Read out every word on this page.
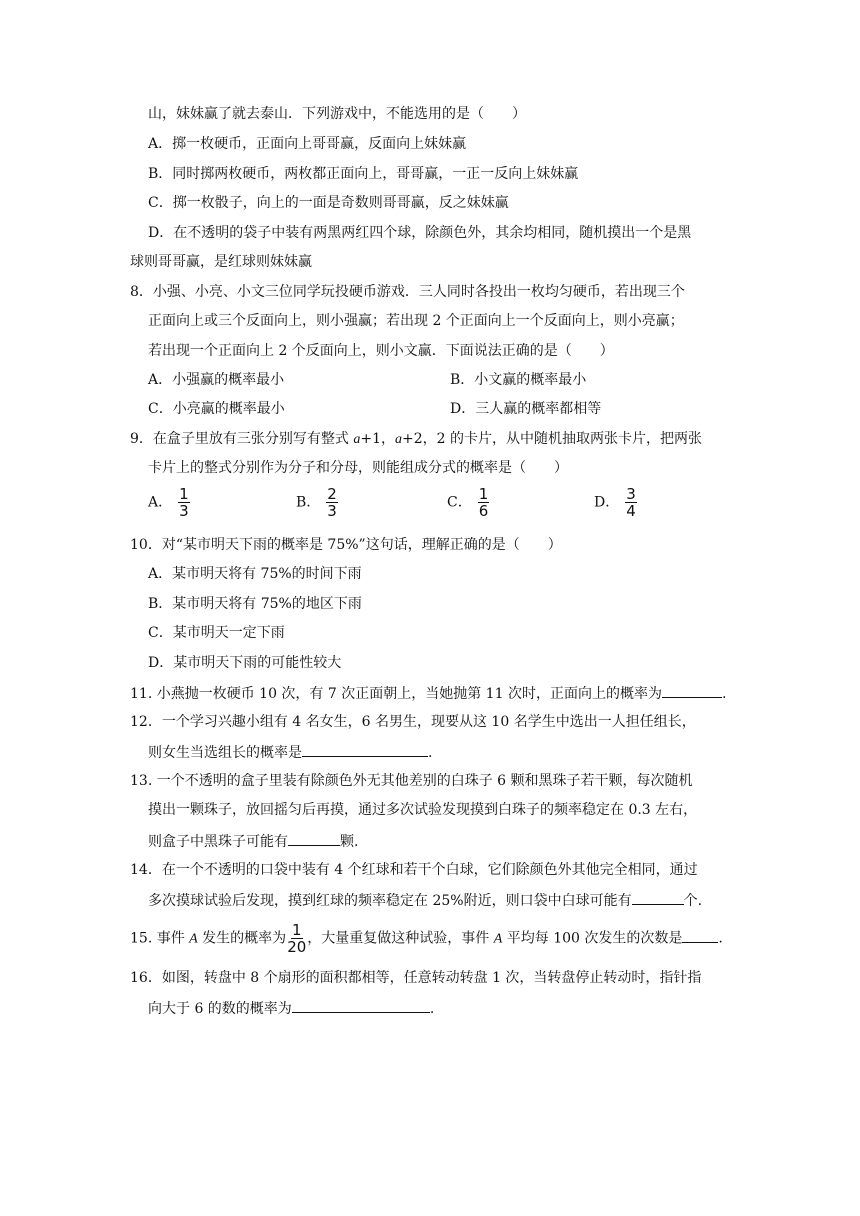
山，妹妹赢了就去泰山．下列游戏中，不能选用的是（　　）
A．掷一枚硬币，正面向上哥哥赢，反面向上妹妹赢
B．同时掷两枚硬币，两枚都正面向上，哥哥赢，一正一反向上妹妹赢
C．掷一枚骰子，向上的一面是奇数则哥哥赢，反之妹妹赢
D．在不透明的袋子中装有两黑两红四个球，除颜色外，其余均相同，随机摸出一个是黑
球则哥哥赢，是红球则妹妹赢
8．小强、小亮、小文三位同学玩投硬币游戏．三人同时各投出一枚均匀硬币，若出现三个
正面向上或三个反面向上，则小强赢；若出现 2 个正面向上一个反面向上，则小亮赢；
若出现一个正面向上 2 个反面向上，则小文赢．下面说法正确的是（　　）
A．小强赢的概率最小	B．小文赢的概率最小
C．小亮赢的概率最小	D．三人赢的概率都相等
9．在盒子里放有三张分别写有整式 a+1，a+2，2 的卡片，从中随机抽取两张卡片，把两张
卡片上的整式分别作为分子和分母，则能组成分式的概率是（　　）
A． $\frac{1}{3}$	B． $\frac{2}{3}$	C． $\frac{1}{6}$	D． $\frac{3}{4}$
10．对“某市明天下雨的概率是 75%”这句话，理解正确的是（　　）
A．某市明天将有 75%的时间下雨
B．某市明天将有 75%的地区下雨
C．某市明天一定下雨
D．某市明天下雨的可能性较大
11. 小燕抛一枚硬币 10 次，有 7 次正面朝上，当她抛第 11 次时，正面向上的概率为	.
12．一个学习兴趣小组有 4 名女生，6 名男生，现要从这 10 名学生中选出一人担任组长，
则女生当选组长的概率是	.
13. 一个不透明的盒子里装有除颜色外无其他差别的白珠子 6 颗和黑珠子若干颗，每次随机
摸出一颗珠子，放回摇匀后再摸，通过多次试验发现摸到白珠子的频率稳定在 0.3 左右，
则盒子中黑珠子可能有	颗.
14．在一个不透明的口袋中装有 4 个红球和若干个白球，它们除颜色外其他完全相同，通过
多次摸球试验后发现，摸到红球的频率稳定在 25%附近，则口袋中白球可能有	个.
15. 事件 A 发生的概率为 $\frac{1}{20}$ ，大量重复做这种试验，事件 A 平均每 100 次发生的次数是	.
16．如图，转盘中 8 个扇形的面积都相等，任意转动转盘 1 次，当转盘停止转动时，指针指
向大于 6 的数的概率为	.
